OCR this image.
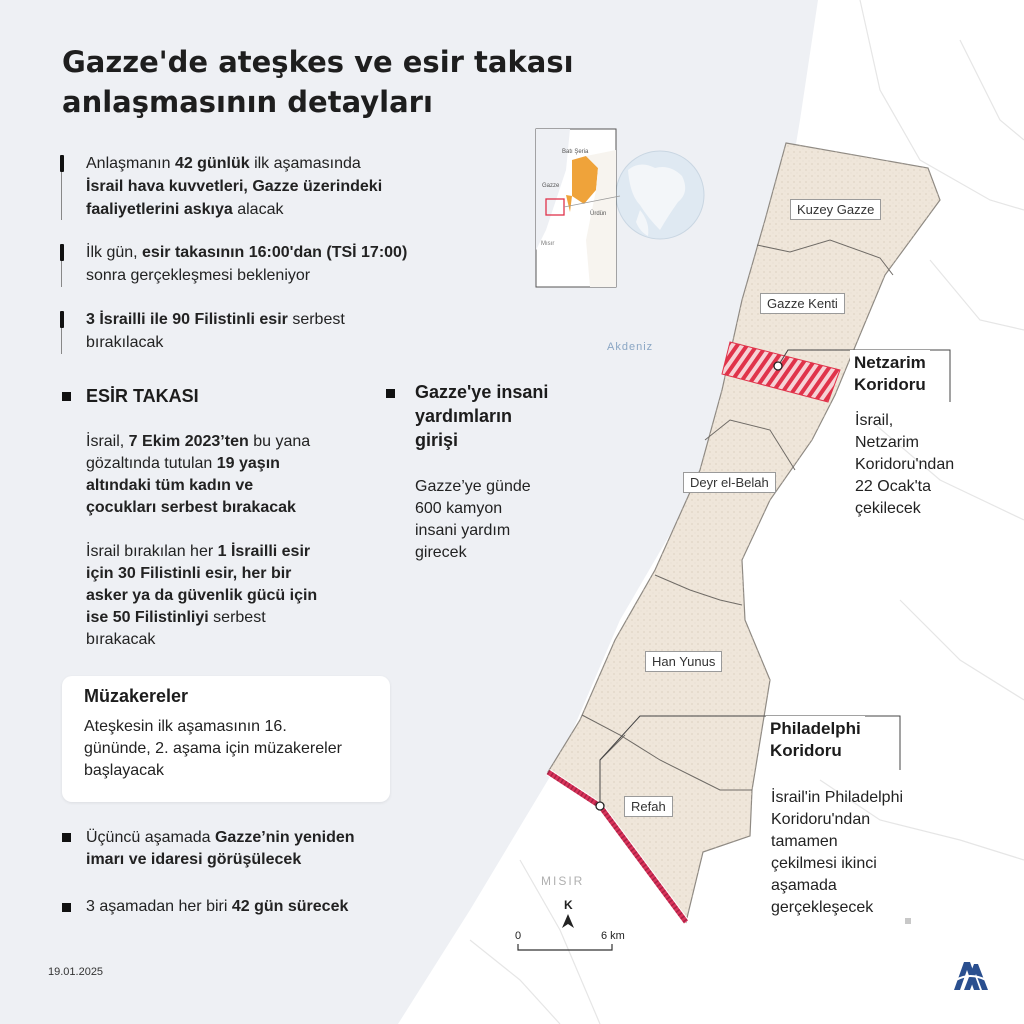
Gazze'de ateşkes ve esir takası
anlaşmasının detayları
Anlaşmanın 42 günlük ilk aşamasında
İsrail hava kuvvetleri, Gazze üzerindeki
faaliyetlerini askıya alacak
İlk gün, esir takasının 16:00'dan (TSİ 17:00)
sonra gerçekleşmesi bekleniyor
3 İsrailli ile 90 Filistinli esir serbest
bırakılacak
ESİR TAKASI
İsrail, 7 Ekim 2023’ten bu yana
gözaltında tutulan 19 yaşın
altındaki tüm kadın ve
çocukları serbest bırakacak
İsrail bırakılan her 1 İsrailli esir
için 30 Filistinli esir, her bir
asker ya da güvenlik gücü için
ise 50 Filistinliyi serbest
bırakacak
Gazze'ye insani
yardımların
girişi
Gazze’ye günde
600 kamyon
insani yardım
girecek
Müzakereler
Ateşkesin ilk aşamasının 16.
gününde, 2. aşama için müzakereler
başlayacak
Üçüncü aşamada Gazze’nin yeniden
imarı ve idaresi görüşülecek
3 aşamadan her biri 42 gün sürecek
Kuzey Gazze
Gazze Kenti
Deyr el-Belah
Han Yunus
Refah
Akdeniz
MISIR
Netzarim
Koridoru
İsrail,
Netzarim
Koridoru'ndan
22 Ocak'ta
çekilecek
Philadelphi
Koridoru
İsrail'in Philadelphi
Koridoru'ndan
tamamen
çekilmesi ikinci
aşamada
gerçekleşecek
Batı Şeria
Gazze
Ürdün
Mısır
0	6 km
K
19.01.2025
